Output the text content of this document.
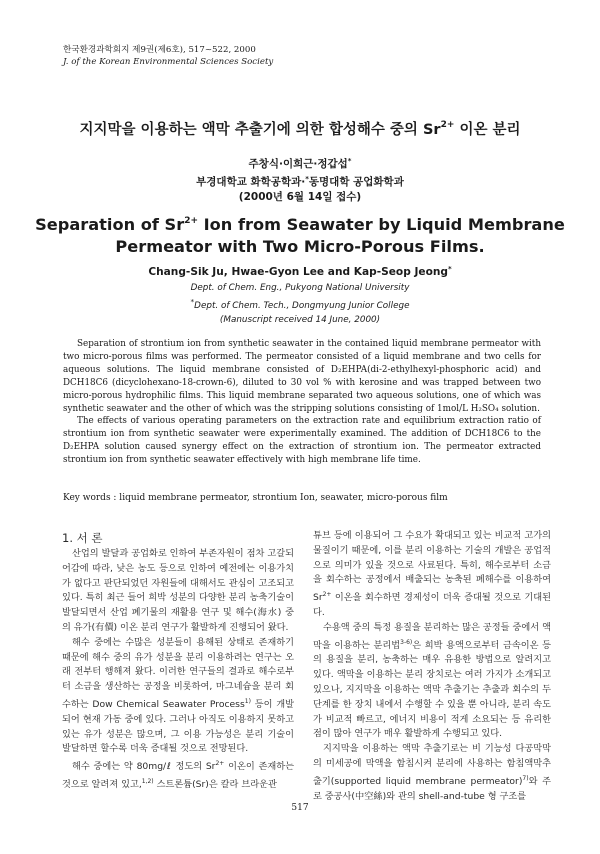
한국환경과학회지 제9권(제6호), 517~522, 2000
J. of the Korean Environmental Sciences Society
지지막을 이용하는 액막 추출기에 의한 합성해수 중의 $Sr^{2+}$ 이온 분리
주창식·이희근·정갑섭*
부경대학교 화학공학과·*동명대학 공업화학과
(2000년 6월 14일 접수)
Separation of $Sr^{2+}$ Ion from Seawater by Liquid Membrane
Permeator with Two Micro-Porous Films.
Chang-Sik Ju, Hwae-Gyon Lee and Kap-Seop Jeong*
Dept. of Chem. Eng., Pukyong National University
*Dept. of Chem. Tech., Dongmyung Junior College
(Manuscript received 14 June, 2000)

Separation of strontium ion from synthetic seawater in the contained liquid membrane permeator with two micro-porous films was performed. The permeator consisted of a liquid membrane and two cells for aqueous solutions. The liquid membrane consisted of D₂EHPA(di-2-ethylhexyl-phosphoric acid) and DCH18C6 (dicyclohexano-18-crown-6), diluted to 30 vol % with kerosine and was trapped between two micro-porous hydrophilic films. This liquid membrane separated two aqueous solutions, one of which was synthetic seawater and the other of which was the stripping solutions consisting of 1mol/L H₂SO₄ solution.

The effects of various operating parameters on the extraction rate and equilibrium extraction ratio of strontium ion from synthetic seawater were experimentally examined. The addition of DCH18C6 to the D₂EHPA solution caused synergy effect on the extraction of strontium ion. The permeator extracted strontium ion from synthetic seawater effectively with high membrane life time.

Key words : liquid membrane permeator, strontium Ion, seawater, micro-porous film
1. 서 론

산업의 발달과 공업화로 인하여 부존자원이 점차 고갈되어감에 따라, 낮은 농도 등으로 인하여 예전에는 이용가치가 없다고 판단되었던 자원들에 대해서도 관심이 고조되고 있다. 특히 최근 들어 희박 성분의 다양한 분리 농축기술이 발달되면서 산업 폐기물의 재활용 연구 및 해수(海水) 중의 유가(有價) 이온 분리 연구가 활발하게 진행되어 왔다.

해수 중에는 수많은 성분들이 용해된 상태로 존재하기 때문에 해수 중의 유가 성분을 분리 이용하려는 연구는 오래 전부터 행해져 왔다. 이러한 연구들의 결과로 해수로부터 소금을 생산하는 공정을 비롯하여, 마그네슘을 분리 회수하는 Dow Chemical Seawater Process$^{1)}$ 등이 개발되어 현재 가동 중에 있다. 그러나 아직도 이용하지 못하고 있는 유가 성분은 많으며, 그 이용 가능성은 분리 기술이 발달하면 할수록 더욱 증대될 것으로 전망된다.

해수 중에는 약 80mg/ℓ 정도의 $Sr^{2+}$ 이온이 존재하는 것으로 알려져 있고,$^{1,2)}$ 스트론튬(Sr)은 칼라 브라운관

튜브 등에 이용되어 그 수요가 확대되고 있는 비교적 고가의 물질이기 때문에, 이를 분리 이용하는 기술의 개발은 공업적으로 의미가 있을 것으로 사료된다. 특히, 해수로부터 소금을 회수하는 공정에서 배출되는 농축된 폐해수를 이용하여 $Sr^{2+}$ 이온을 회수하면 경제성이 더욱 증대될 것으로 기대된다.

수용액 중의 특정 용질을 분리하는 많은 공정들 중에서 액막을 이용하는 분리법$^{3-6)}$은 희박 용액으로부터 금속이온 등의 용질을 분리, 농축하는 매우 유용한 방법으로 알려지고 있다. 액막을 이용하는 분리 장치로는 여러 가지가 소개되고 있으나, 지지막을 이용하는 액막 추출기는 추출과 회수의 두 단계를 한 장치 내에서 수행할 수 있을 뿐 아니라, 분리 속도가 비교적 빠르고, 에너지 비용이 적게 소요되는 등 유리한 점이 많아 연구가 매우 활발하게 수행되고 있다.

지지막을 이용하는 액막 추출기로는 비 기능성 다공막막의 미세공에 막액을 함침시켜 분리에 사용하는 함침액막추출기(supported liquid membrane permeator)$^{7)}$와 주로 중공사(中空絲)와 관의 shell-and-tube 형 구조를

517
